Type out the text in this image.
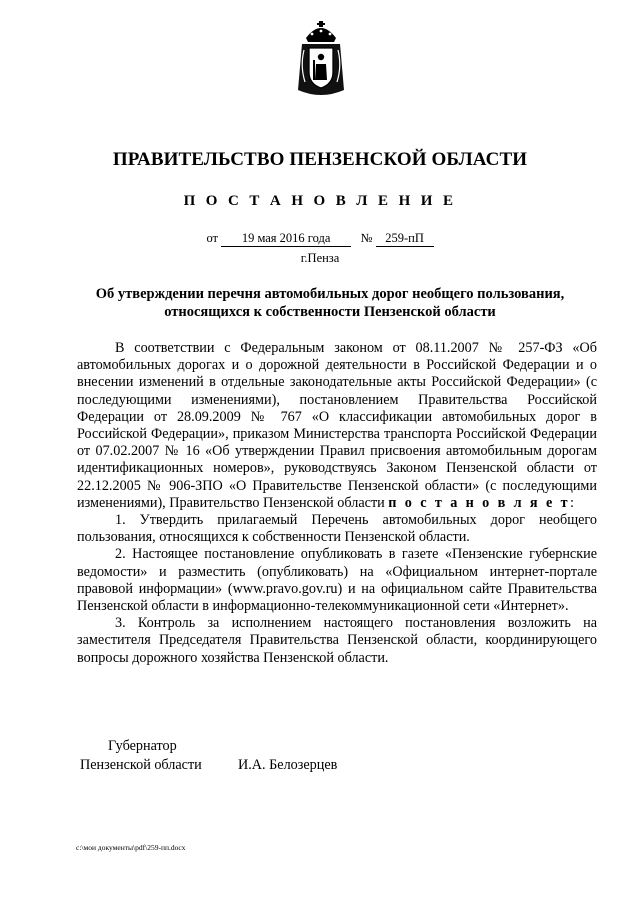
ПРАВИТЕЛЬСТВО ПЕНЗЕНСКОЙ ОБЛАСТИ
П О С Т А Н О В Л Е Н И Е
от 19 мая 2016 года № 259-пП
г.Пенза
Об утверждении перечня автомобильных дорог необщего пользования,
относящихся к собственности Пензенской области

В соответствии с Федеральным законом от 08.11.2007 № 257-ФЗ «Об автомобильных дорогах и о дорожной деятельности в Российской Федерации и о внесении изменений в отдельные законодательные акты Российской Федерации» (с последующими изменениями), постановлением Правительства Российской Федерации от 28.09.2009 № 767 «О классификации автомобильных дорог в Российской Федерации», приказом Министерства транспорта Российской Федерации от 07.02.2007 № 16 «Об утверждении Правил присвоения автомобильным дорогам идентификационных номеров», руководствуясь Законом Пензенской области от 22.12.2005 № 906-ЗПО «О Правительстве Пензенской области» (с последующими изменениями), Правительство Пензенской области п о с т а н о в л я е т:

1. Утвердить прилагаемый Перечень автомобильных дорог необщего пользования, относящихся к собственности Пензенской области.

2. Настоящее постановление опубликовать в газете «Пензенские губернские ведомости» и разместить (опубликовать) на «Официальном интернет-портале правовой информации» (www.pravo.gov.ru) и на официальном сайте Правительства Пензенской области в информационно-телекоммуникационной сети «Интернет».

3. Контроль за исполнением настоящего постановления возложить на заместителя Председателя Правительства Пензенской области, координирующего вопросы дорожного хозяйства Пензенской области.

Губернатор
Пензенской области	И.А. Белозерцев
c:\мои документы\pdf\259-пп.docx
